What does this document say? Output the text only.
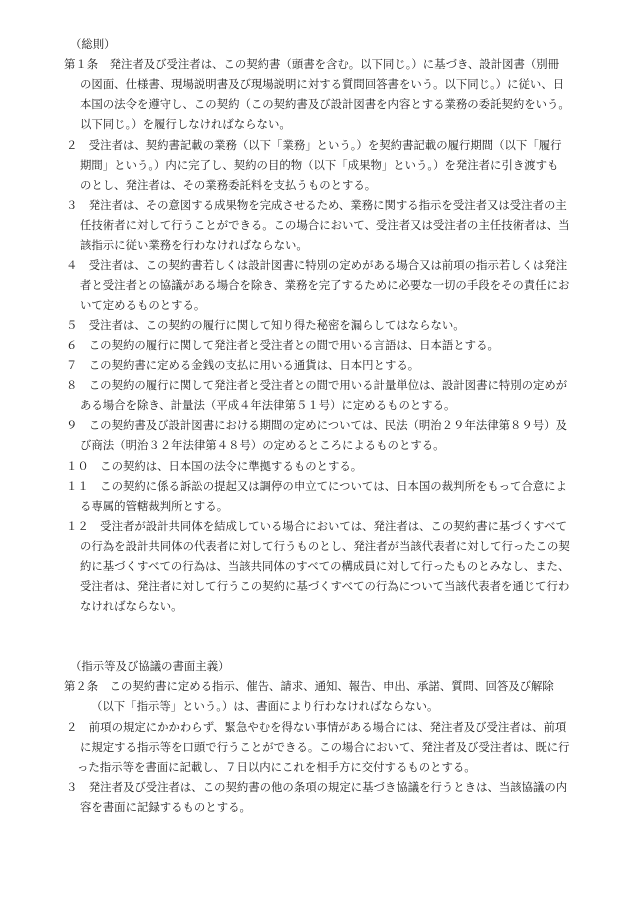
（総則）
第１条　発注者及び受注者は、この契約書（頭書を含む。以下同じ。）に基づき、設計図書（別冊
の図面、仕様書、現場説明書及び現場説明に対する質問回答書をいう。以下同じ。）に従い、日
本国の法令を遵守し、この契約（この契約書及び設計図書を内容とする業務の委託契約をいう。
以下同じ。）を履行しなければならない。
２　受注者は、契約書記載の業務（以下「業務」という。）を契約書記載の履行期間（以下「履行
期間」という。）内に完了し、契約の目的物（以下「成果物」という。）を発注者に引き渡すも
のとし、発注者は、その業務委託料を支払うものとする。
３　発注者は、その意図する成果物を完成させるため、業務に関する指示を受注者又は受注者の主
任技術者に対して行うことができる。この場合において、受注者又は受注者の主任技術者は、当
該指示に従い業務を行わなければならない。
４　受注者は、この契約書若しくは設計図書に特別の定めがある場合又は前項の指示若しくは発注
者と受注者との協議がある場合を除き、業務を完了するために必要な一切の手段をその責任にお
いて定めるものとする。
５　受注者は、この契約の履行に関して知り得た秘密を漏らしてはならない。
６　この契約の履行に関して発注者と受注者との間で用いる言語は、日本語とする。
７　この契約書に定める金銭の支払に用いる通貨は、日本円とする。
８　この契約の履行に関して発注者と受注者との間で用いる計量単位は、設計図書に特別の定めが
ある場合を除き、計量法（平成４年法律第５１号）に定めるものとする。
９　この契約書及び設計図書における期間の定めについては、民法（明治２９年法律第８９号）及
び商法（明治３２年法律第４８号）の定めるところによるものとする。
１０　この契約は、日本国の法令に準拠するものとする。
１１　この契約に係る訴訟の提起又は調停の申立てについては、日本国の裁判所をもって合意によ
る専属的管轄裁判所とする。
１２　受注者が設計共同体を結成している場合においては、発注者は、この契約書に基づくすべて
の行為を設計共同体の代表者に対して行うものとし、発注者が当該代表者に対して行ったこの契
約に基づくすべての行為は、当該共同体のすべての構成員に対して行ったものとみなし、また、
受注者は、発注者に対して行うこの契約に基づくすべての行為について当該代表者を通じて行わ
なければならない。
（指示等及び協議の書面主義）
第２条　この契約書に定める指示、催告、請求、通知、報告、申出、承諾、質問、回答及び解除
（以下「指示等」という。）は、書面により行わなければならない。
２　前項の規定にかかわらず、緊急やむを得ない事情がある場合には、発注者及び受注者は、前項
に規定する指示等を口頭で行うことができる。この場合において、発注者及び受注者は、既に行
った指示等を書面に記載し、７日以内にこれを相手方に交付するものとする。
３　発注者及び受注者は、この契約書の他の条項の規定に基づき協議を行うときは、当該協議の内
容を書面に記録するものとする。
